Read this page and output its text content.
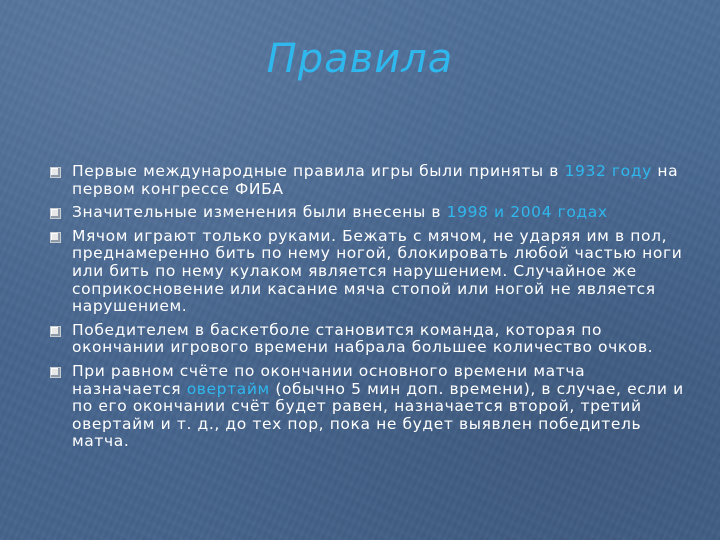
Правила
Первые международные правила игры были приняты в 1932 году на первом конгрессе ФИБА
Значительные изменения были внесены в 1998 и 2004 годах
Мячом играют только руками. Бежать с мячом, не ударяя им в пол, преднамеренно бить по нему ногой, блокировать любой частью ноги или бить по нему кулаком является нарушением. Случайное же соприкосновение или касание мяча стопой или ногой не является нарушением.
Победителем в баскетболе становится команда, которая по окончании игрового времени набрала большее количество очков.
При равном счёте по окончании основного времени матча назначается овертайм (обычно 5 мин доп. времени), в случае, если и по его окончании счёт будет равен, назначается второй, третий овертайм и т. д., до тех пор, пока не будет выявлен победитель матча.
